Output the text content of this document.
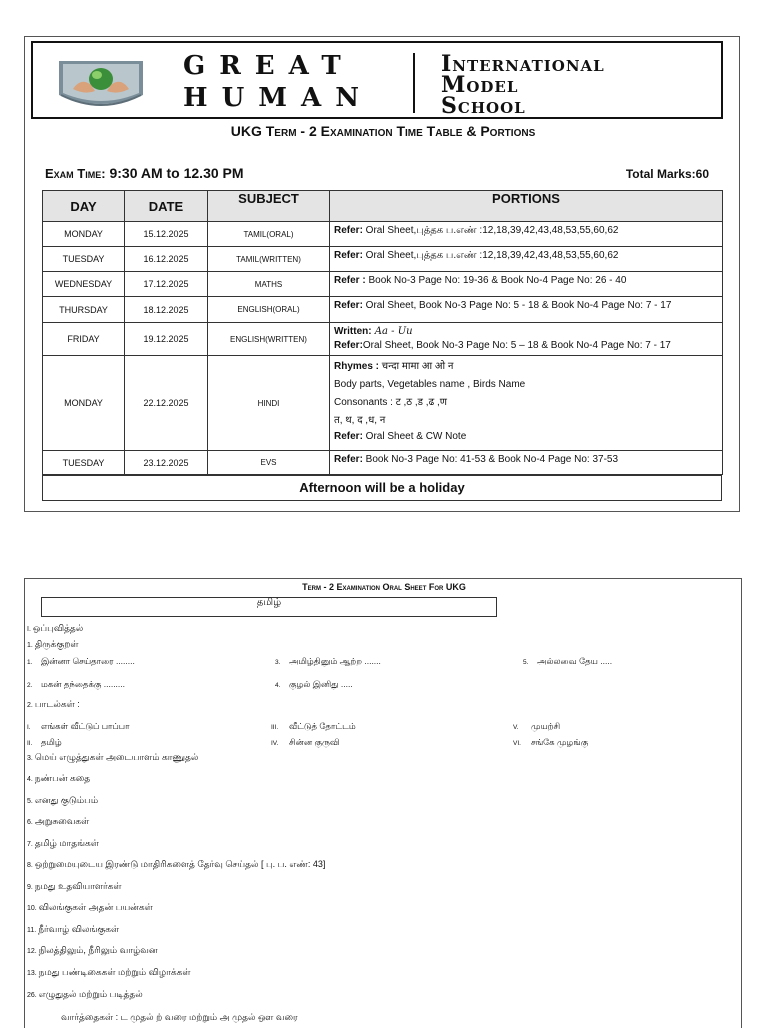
GREAT
HUMAN
International
Model
School
UKG Term - 2 Examination Time Table & Portions
Exam Time: 9:30 AM to 12.30 PM	Total Marks:60
DAY	DATE	SUBJECT	PORTIONS
MONDAY	15.12.2025	TAMIL(ORAL)	Refer: Oral Sheet,புத்தக ப.எண் :12,18,39,42,43,48,53,55,60,62
TUESDAY	16.12.2025	TAMIL(WRITTEN)	Refer: Oral Sheet,புத்தக ப.எண் :12,18,39,42,43,48,53,55,60,62
WEDNESDAY	17.12.2025	MATHS	Refer : Book No-3 Page No: 19-36 & Book No-4 Page No: 26 - 40
THURSDAY	18.12.2025	ENGLISH(ORAL)	Refer: Oral Sheet, Book No-3 Page No: 5 - 18 & Book No-4 Page No: 7 - 17
FRIDAY	19.12.2025	ENGLISH(WRITTEN)	Written: Aa - Uu
Refer:Oral Sheet, Book No-3 Page No: 5 – 18 & Book No-4 Page No: 7 - 17

MONDAY	22.12.2025	HINDI	Rhymes : चन्दा मामा आ ओ न
Body parts, Vegetables name , Birds Name
Consonants : ट ,ठ ,ड ,ढ ,ण
त, थ, द ,ध, न
Refer: Oral Sheet & CW Note

TUESDAY	23.12.2025	EVS	Refer: Book No-3 Page No: 41-53 & Book No-4 Page No: 37-53
Afternoon will be a holiday
Term - 2 Examination Oral Sheet For UKG
தமிழ்
I. ஒப்புவித்தல்
1. திருக்குறள்
1. இன்னா செய்தாரை ........	3. அமிழ்தினும் ஆற்ற .......	5. அல்லவை தேய .....
2. மகன் தந்தைக்கு .........	4. குழல் இனிது .....
2. பாடல்கள் :
I. எங்கள் வீட்டுப் பாப்பா	III. வீட்டுத் தோட்டம்	V. முயற்சி
II. தமிழ்	IV. சின்ன குருவி	VI. சங்கே முழங்கு
3. மெய் எழுத்துகள் அடையாளம் காணுதல்
4. நண்பன் கதை
5. எனது குடும்பம்
6. அறுசுவைகள்
7. தமிழ் மாதங்கள்
8. ஒற்றுமையுடைய இரண்டு மாதிரிகளைத் தேர்வு செய்தல் [ பு. ப. எண்: 43]
9. நமது உதவியாளர்கள்
10. விலங்குகள் அதன் பயன்கள்
11. நீர்வாழ் விலங்குகள்
12. நிலத்திலும், நீரிலும் வாழ்வன
13. நமது பண்டிகைகள் மற்றும் விழாக்கள்
26. எழுதுதல் மற்றும் படித்தல்
வார்த்தைகள் : ட முதல் ற் வரை மற்றும் அ முதல் ஔ வரை
